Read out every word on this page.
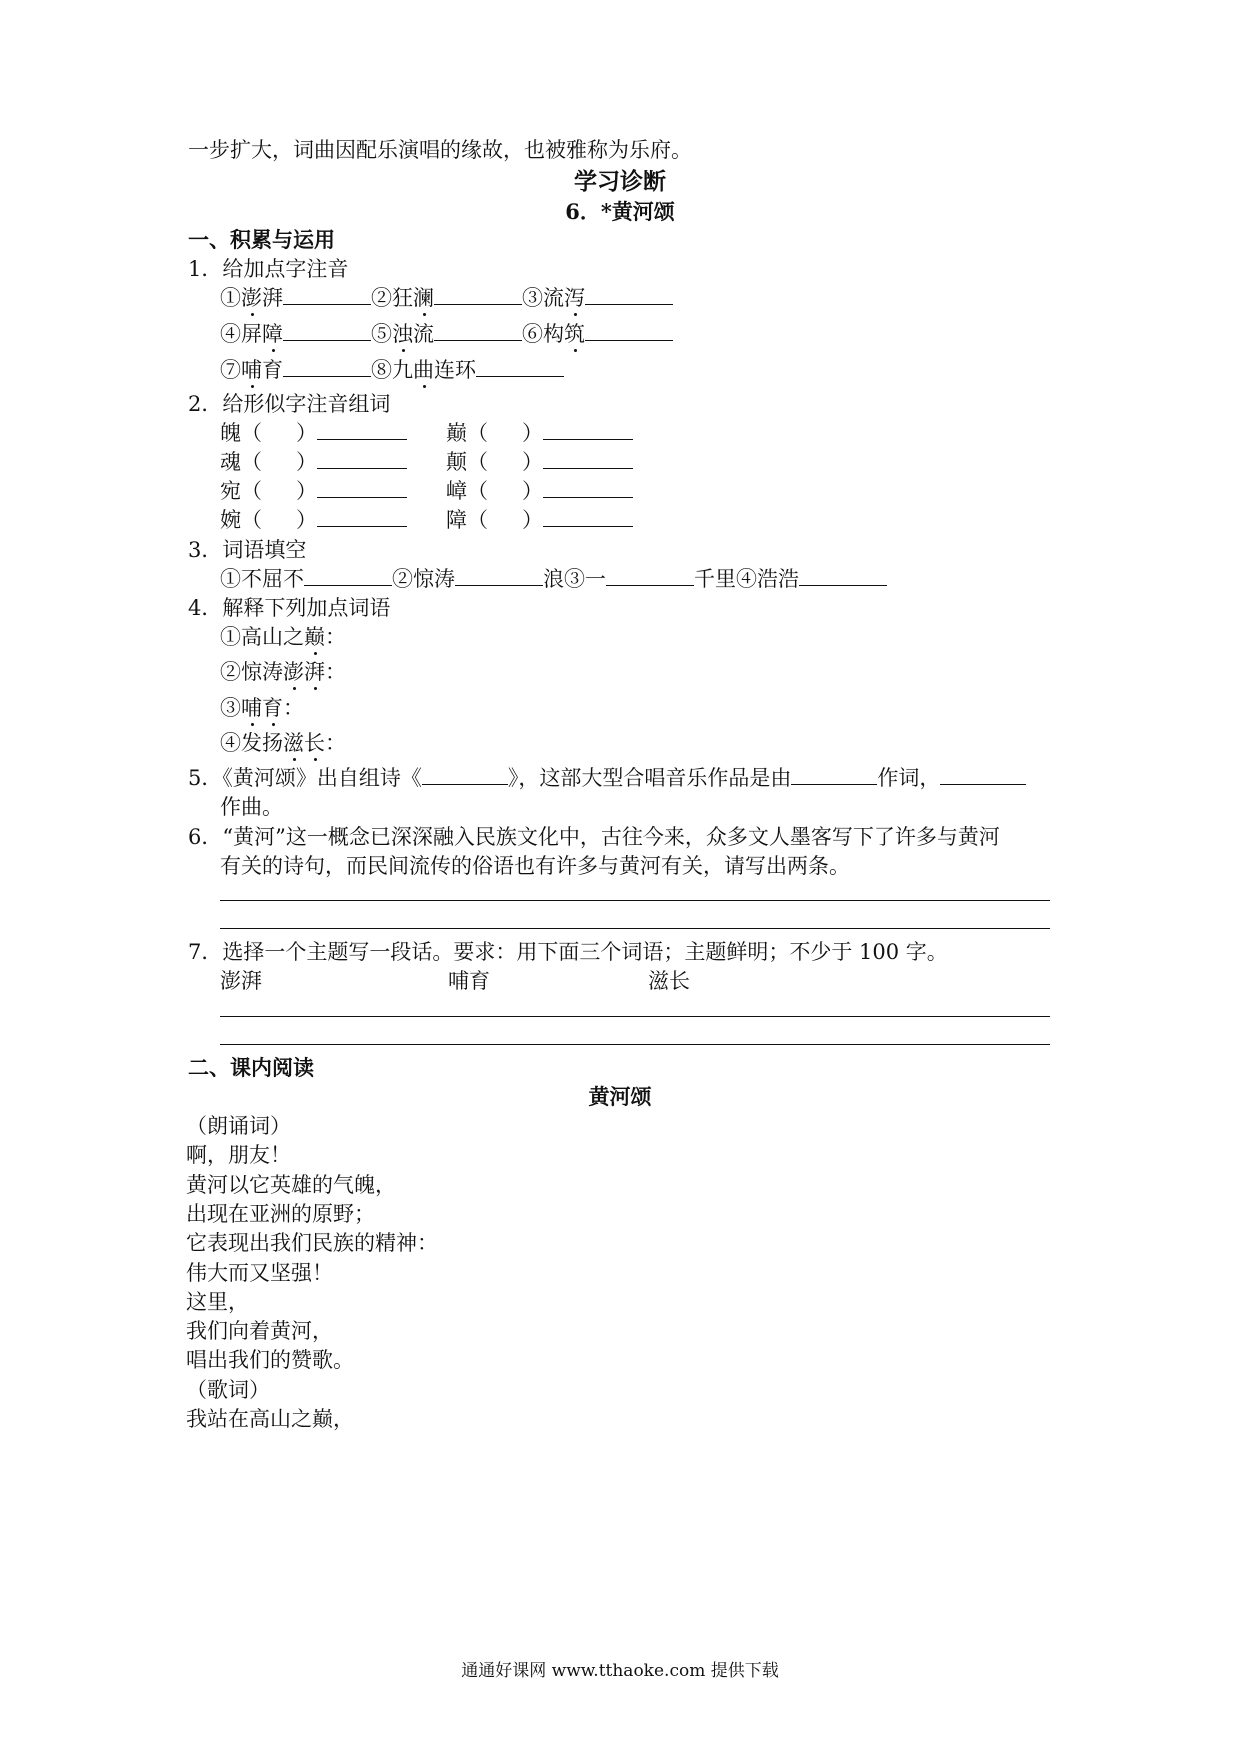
一步扩大，词曲因配乐演唱的缘故，也被雅称为乐府。
学习诊断
6．*黄河颂
一、积累与运用
1．给加点字注音
①澎湃	②狂澜	③流泻
④屏障	⑤浊流	⑥构筑
⑦哺育	⑧九曲连环
2．给形似字注音组词
魄（ ）	巅（ ）
魂（ ）	颠（ ）
宛（ ）	嶂（ ）
婉（ ）	障（ ）
3．词语填空
①不屈不	②惊涛	浪③一	千里④浩浩
4．解释下列加点词语
①高山之巅：
②惊涛澎湃：
③哺育：
④发扬滋长：
5．《黄河颂》出自组诗《	》，这部大型合唱音乐作品是由	作词，
作曲。
6．“黄河”这一概念已深深融入民族文化中，古往今来，众多文人墨客写下了许多与黄河
有关的诗句，而民间流传的俗语也有许多与黄河有关，请写出两条。
7．选择一个主题写一段话。要求：用下面三个词语；主题鲜明；不少于 100 字。
澎湃	哺育	滋长
二、课内阅读
黄河颂
（朗诵词）
啊，朋友！
黄河以它英雄的气魄，
出现在亚洲的原野；
它表现出我们民族的精神：
伟大而又坚强！
这里，
我们向着黄河，
唱出我们的赞歌。
（歌词）
我站在高山之巅，
通通好课网 www.tthaoke.com 提供下载
